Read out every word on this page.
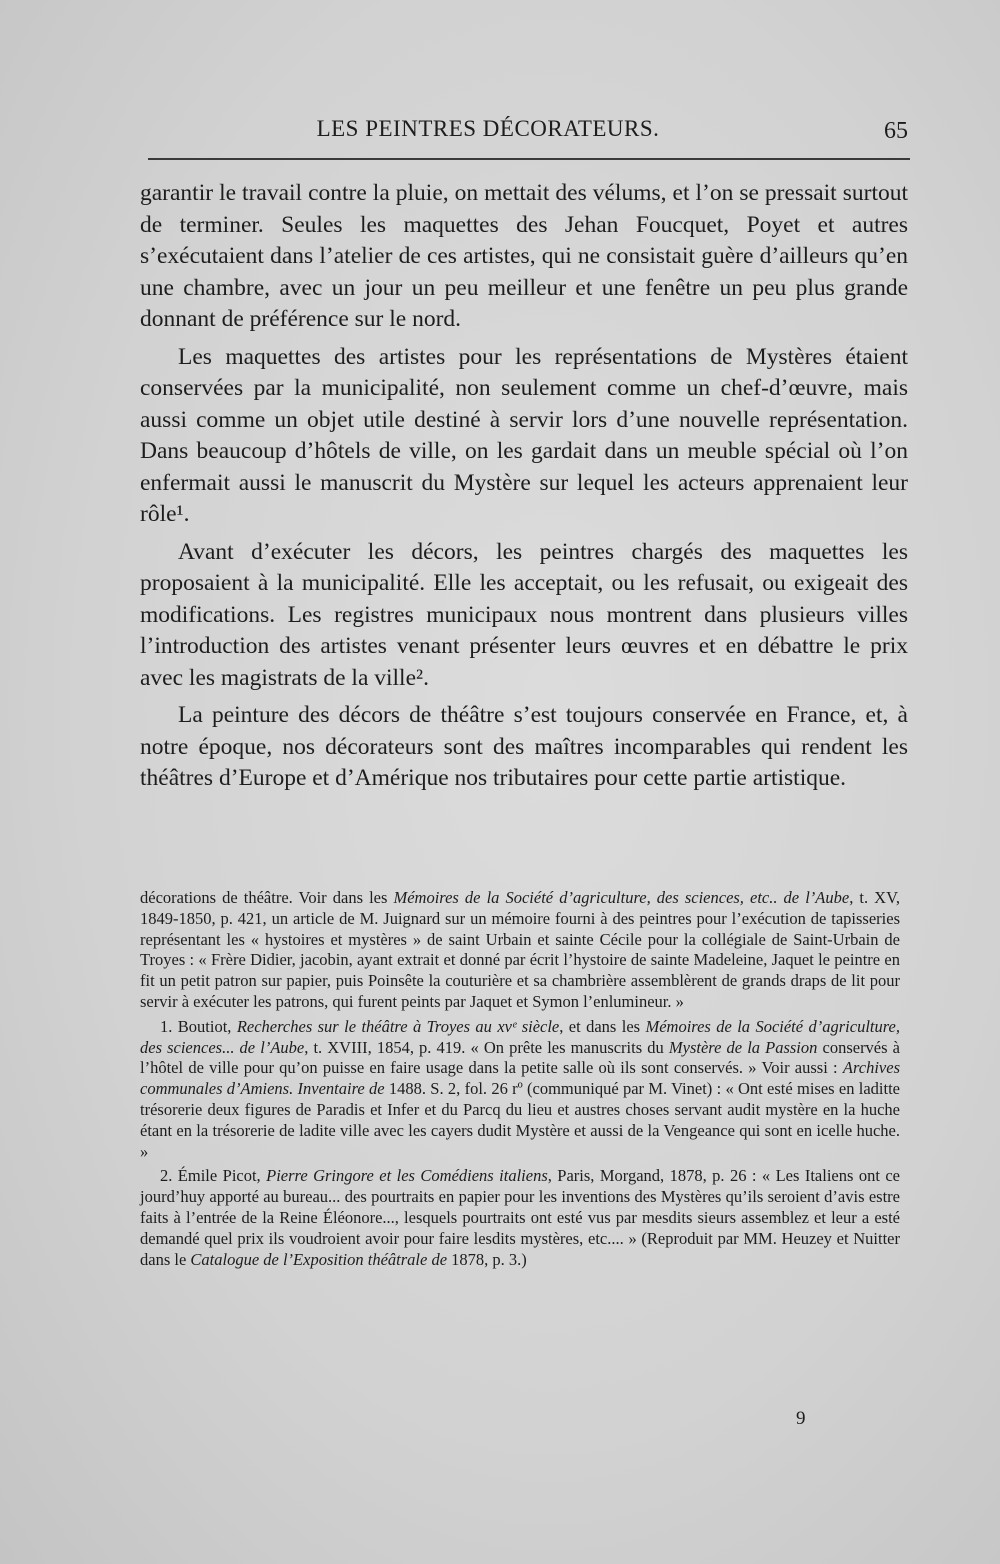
LES PEINTRES DÉCORATEURS.	65

garantir le travail contre la pluie, on mettait des vélums, et l’on se pressait surtout de terminer. Seules les maquettes des Jehan Foucquet, Poyet et autres s’exécutaient dans l’atelier de ces artistes, qui ne consistait guère d’ailleurs qu’en une chambre, avec un jour un peu meilleur et une fenêtre un peu plus grande donnant de préférence sur le nord.

Les maquettes des artistes pour les représentations de Mystères étaient conservées par la municipalité, non seulement comme un chef-d’œuvre, mais aussi comme un objet utile destiné à servir lors d’une nouvelle représentation. Dans beaucoup d’hôtels de ville, on les gardait dans un meuble spécial où l’on enfermait aussi le manuscrit du Mystère sur lequel les acteurs apprenaient leur rôle¹.

Avant d’exécuter les décors, les peintres chargés des maquettes les proposaient à la municipalité. Elle les acceptait, ou les refusait, ou exigeait des modifications. Les registres municipaux nous montrent dans plusieurs villes l’introduction des artistes venant présenter leurs œuvres et en débattre le prix avec les magistrats de la ville².

La peinture des décors de théâtre s’est toujours conservée en France, et, à notre époque, nos décorateurs sont des maîtres incomparables qui rendent les théâtres d’Europe et d’Amérique nos tributaires pour cette partie artistique.

décorations de théâtre. Voir dans les Mémoires de la Société d’agriculture, des sciences, etc.. de l’Aube, t. XV, 1849-1850, p. 421, un article de M. Juignard sur un mémoire fourni à des peintres pour l’exécution de tapisseries représentant les « hystoires et mystères » de saint Urbain et sainte Cécile pour la collégiale de Saint-Urbain de Troyes : « Frère Didier, jacobin, ayant extrait et donné par écrit l’hystoire de sainte Madeleine, Jaquet le peintre en fit un petit patron sur papier, puis Poinsête la couturière et sa chambrière assemblèrent de grands draps de lit pour servir à exécuter les patrons, qui furent peints par Jaquet et Symon l’enlumineur. »

1. Boutiot, Recherches sur le théâtre à Troyes au xvᵉ siècle, et dans les Mémoires de la Société d’agriculture, des sciences... de l’Aube, t. XVIII, 1854, p. 419. « On prête les manuscrits du Mystère de la Passion conservés à l’hôtel de ville pour qu’on puisse en faire usage dans la petite salle où ils sont conservés. » Voir aussi : Archives communales d’Amiens. Inventaire de 1488. S. 2, fol. 26 rº (communiqué par M. Vinet) : « Ont esté mises en laditte trésorerie deux figures de Paradis et Infer et du Parcq du lieu et austres choses servant audit mystère en la huche étant en la trésorerie de ladite ville avec les cayers dudit Mystère et aussi de la Vengeance qui sont en icelle huche. »

2. Émile Picot, Pierre Gringore et les Comédiens italiens, Paris, Morgand, 1878, p. 26 : « Les Italiens ont ce jourd’huy apporté au bureau... des pourtraits en papier pour les inventions des Mystères qu’ils seroient d’avis estre faits à l’entrée de la Reine Éléonore..., lesquels pourtraits ont esté vus par mesdits sieurs assemblez et leur a esté demandé quel prix ils voudroient avoir pour faire lesdits mystères, etc.... » (Reproduit par MM. Heuzey et Nuitter dans le Catalogue de l’Exposition théâtrale de 1878, p. 3.)

9
